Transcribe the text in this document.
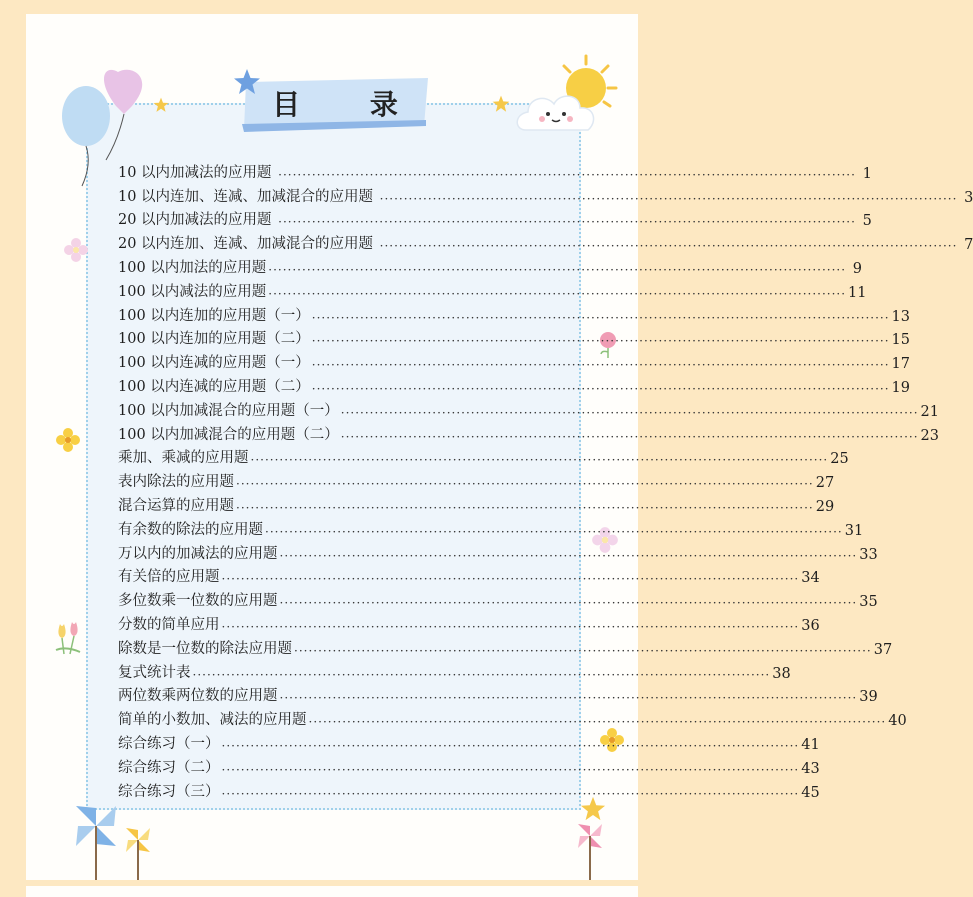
目 录
10 以内加减法的应用题 ························································································································ 1
10 以内连加、连减、加减混合的应用题 ························································································································ 3
20 以内加减法的应用题 ························································································································ 5
20 以内连加、连减、加减混合的应用题 ························································································································ 7
100 以内加法的应用题 ························································································································ 9
100 以内减法的应用题 ························································································································ 11
100 以内连加的应用题（一） ························································································································ 13
100 以内连加的应用题（二） ························································································································ 15
100 以内连减的应用题（一） ························································································································ 17
100 以内连减的应用题（二） ························································································································ 19
100 以内加减混合的应用题（一） ························································································································ 21
100 以内加减混合的应用题（二） ························································································································ 23
乘加、乘减的应用题 ························································································································ 25
表内除法的应用题 ························································································································ 27
混合运算的应用题 ························································································································ 29
有余数的除法的应用题 ························································································································ 31
万以内的加减法的应用题 ························································································································ 33
有关倍的应用题 ························································································································ 34
多位数乘一位数的应用题 ························································································································ 35
分数的简单应用 ························································································································ 36
除数是一位数的除法应用题 ························································································································ 37
复式统计表 ························································································································ 38
两位数乘两位数的应用题 ························································································································ 39
简单的小数加、减法的应用题 ························································································································ 40
综合练习（一） ························································································································ 41
综合练习（二） ························································································································ 43
综合练习（三） ························································································································ 45
